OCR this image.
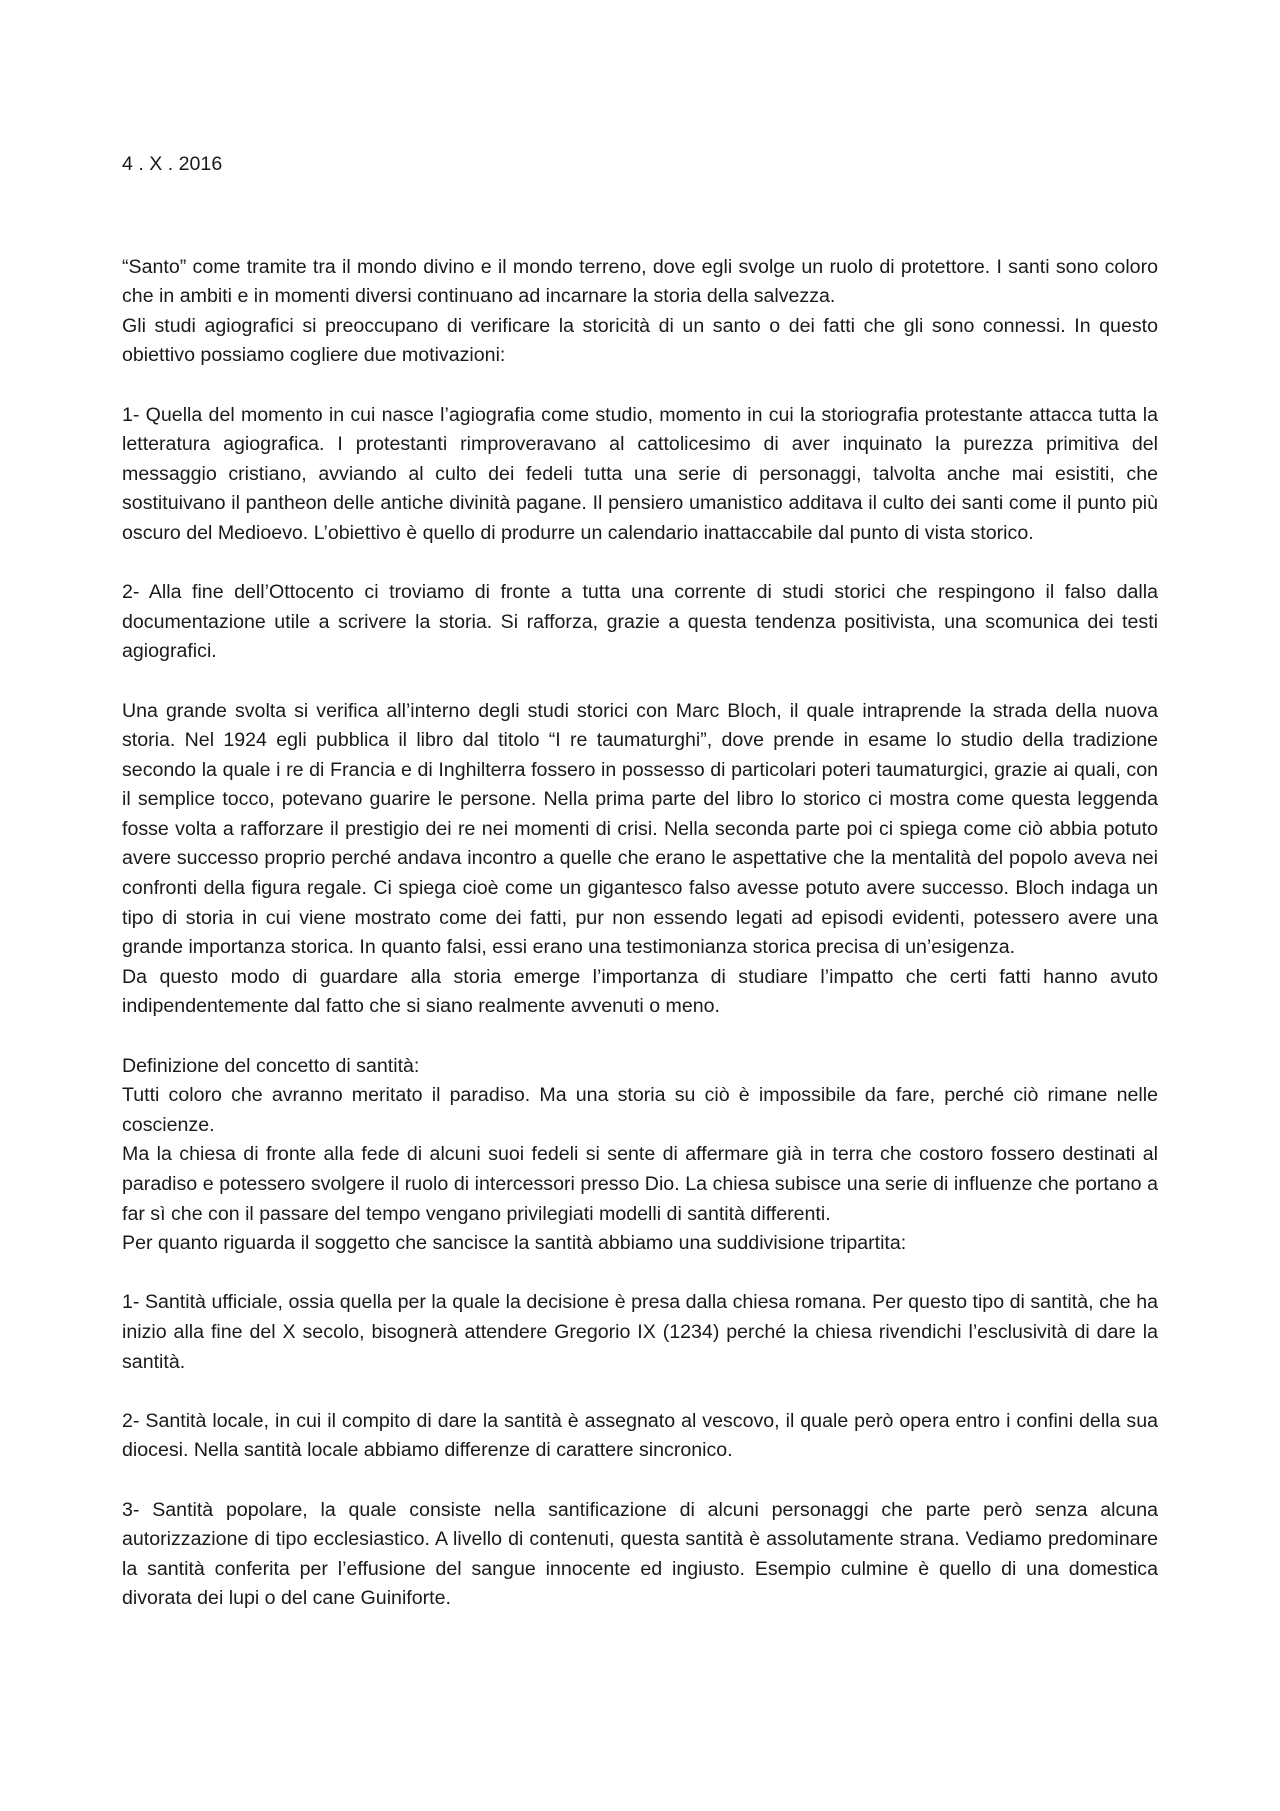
4 . X . 2016

“Santo” come tramite tra il mondo divino e il mondo terreno, dove egli svolge un ruolo di protettore. I santi sono coloro che in ambiti e in momenti diversi continuano ad incarnare la storia della salvezza.

Gli studi agiografici si preoccupano di verificare la storicità di un santo o dei fatti che gli sono connessi. In questo obiettivo possiamo cogliere due motivazioni:

1- Quella del momento in cui nasce l’agiografia come studio, momento in cui la storiografia protestante attacca tutta la letteratura agiografica. I protestanti rimproveravano al cattolicesimo di aver inquinato la purezza primitiva del messaggio cristiano, avviando al culto dei fedeli tutta una serie di personaggi, talvolta anche mai esistiti, che sostituivano il pantheon delle antiche divinità pagane. Il pensiero umanistico additava il culto dei santi come il punto più oscuro del Medioevo. L’obiettivo è quello di produrre un calendario inattaccabile dal punto di vista storico.

2- Alla fine dell’Ottocento ci troviamo di fronte a tutta una corrente di studi storici che respingono il falso dalla documentazione utile a scrivere la storia. Si rafforza, grazie a questa tendenza positivista, una scomunica dei testi agiografici.

Una grande svolta si verifica all’interno degli studi storici con Marc Bloch, il quale intraprende la strada della nuova storia. Nel 1924 egli pubblica il libro dal titolo “I re taumaturghi”, dove prende in esame lo studio della tradizione secondo la quale i re di Francia e di Inghilterra fossero in possesso di particolari poteri taumaturgici, grazie ai quali, con il semplice tocco, potevano guarire le persone. Nella prima parte del libro lo storico ci mostra come questa leggenda fosse volta a rafforzare il prestigio dei re nei momenti di crisi. Nella seconda parte poi ci spiega come ciò abbia potuto avere successo proprio perché andava incontro a quelle che erano le aspettative che la mentalità del popolo aveva nei confronti della figura regale. Ci spiega cioè come un gigantesco falso avesse potuto avere successo. Bloch indaga un tipo di storia in cui viene mostrato come dei fatti, pur non essendo legati ad episodi evidenti, potessero avere una grande importanza storica. In quanto falsi, essi erano una testimonianza storica precisa di un’esigenza.

Da questo modo di guardare alla storia emerge l’importanza di studiare l’impatto che certi fatti hanno avuto indipendentemente dal fatto che si siano realmente avvenuti o meno.

Definizione del concetto di santità:

Tutti coloro che avranno meritato il paradiso. Ma una storia su ciò è impossibile da fare, perché ciò rimane nelle coscienze.

Ma la chiesa di fronte alla fede di alcuni suoi fedeli si sente di affermare già in terra che costoro fossero destinati al paradiso e potessero svolgere il ruolo di intercessori presso Dio. La chiesa subisce una serie di influenze che portano a far sì che con il passare del tempo vengano privilegiati modelli di santità differenti.

Per quanto riguarda il soggetto che sancisce la santità abbiamo una suddivisione tripartita:

1- Santità ufficiale, ossia quella per la quale la decisione è presa dalla chiesa romana. Per questo tipo di santità, che ha inizio alla fine del X secolo, bisognerà attendere Gregorio IX (1234) perché la chiesa rivendichi l’esclusività di dare la santità.

2- Santità locale, in cui il compito di dare la santità è assegnato al vescovo, il quale però opera entro i confini della sua diocesi. Nella santità locale abbiamo differenze di carattere sincronico.

3- Santità popolare, la quale consiste nella santificazione di alcuni personaggi che parte però senza alcuna autorizzazione di tipo ecclesiastico. A livello di contenuti, questa santità è assolutamente strana. Vediamo predominare la santità conferita per l’effusione del sangue innocente ed ingiusto. Esempio culmine è quello di una domestica divorata dei lupi o del cane Guiniforte.
